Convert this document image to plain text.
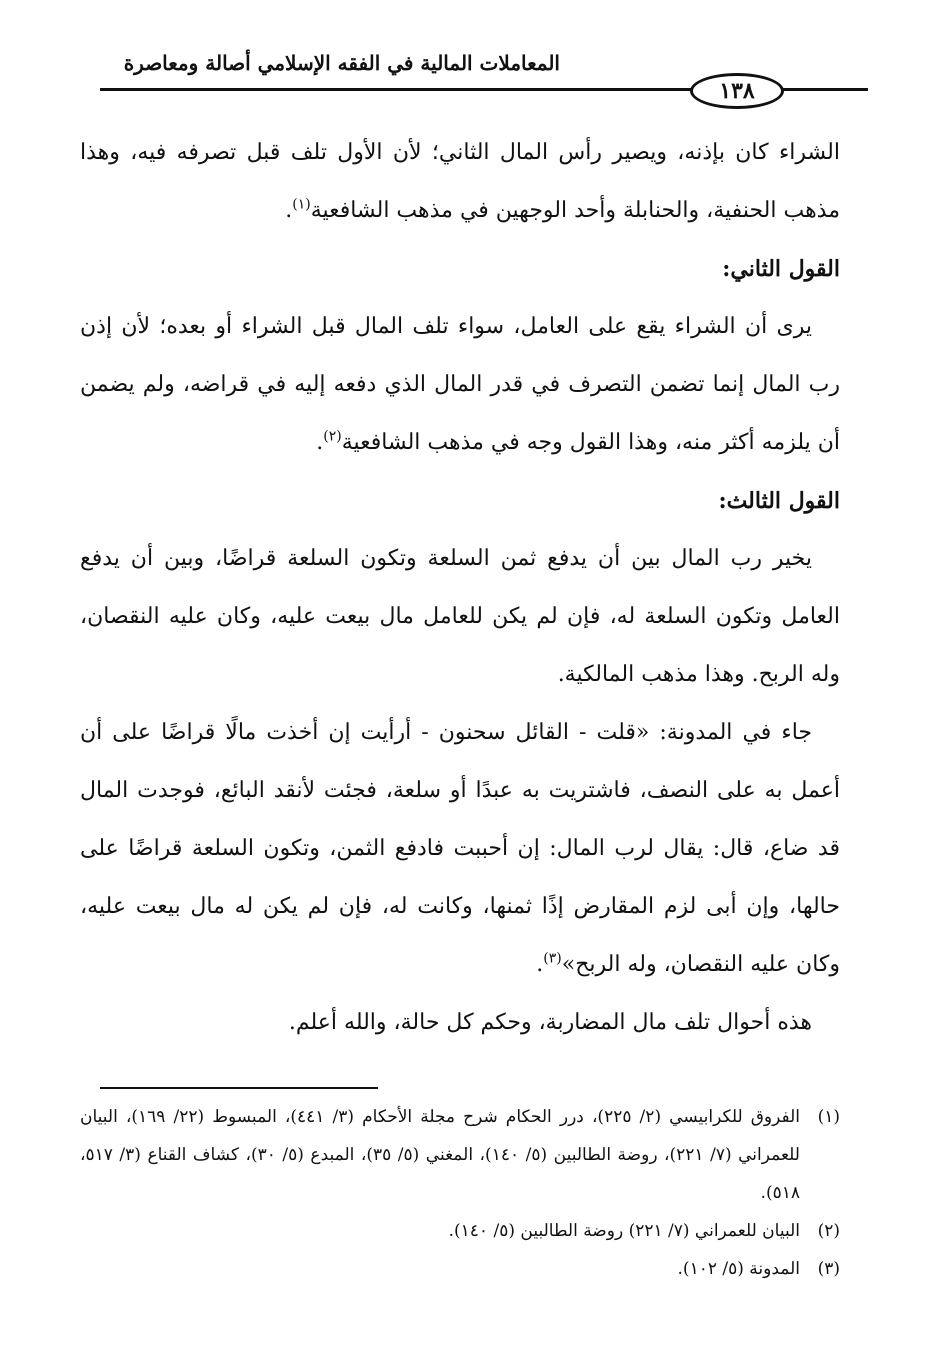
المعاملات المالية في الفقه الإسلامي أصالة ومعاصرة
١٣٨

الشراء كان بإذنه، ويصير رأس المال الثاني؛ لأن الأول تلف قبل تصرفه فيه، وهذا مذهب الحنفية، والحنابلة وأحد الوجهين في مذهب الشافعية$^{(١)}$.

القول الثاني:

يرى أن الشراء يقع على العامل، سواء تلف المال قبل الشراء أو بعده؛ لأن إذن رب المال إنما تضمن التصرف في قدر المال الذي دفعه إليه في قراضه، ولم يضمن أن يلزمه أكثر منه، وهذا القول وجه في مذهب الشافعية$^{(٢)}$.

القول الثالث:

يخير رب المال بين أن يدفع ثمن السلعة وتكون السلعة قراضًا، وبين أن يدفع العامل وتكون السلعة له، فإن لم يكن للعامل مال بيعت عليه، وكان عليه النقصان، وله الربح. وهذا مذهب المالكية.

جاء في المدونة: «قلت - القائل سحنون - أرأيت إن أخذت مالًا قراضًا على أن أعمل به على النصف، فاشتريت به عبدًا أو سلعة، فجئت لأنقد البائع، فوجدت المال قد ضاع، قال: يقال لرب المال: إن أحببت فادفع الثمن، وتكون السلعة قراضًا على حالها، وإن أبى لزم المقارض إذًا ثمنها، وكانت له، فإن لم يكن له مال بيعت عليه، وكان عليه النقصان، وله الربح»$^{(٣)}$.

هذه أحوال تلف مال المضاربة، وحكم كل حالة، والله أعلم.

(١)
الفروق للكرابيسي (٢/ ٢٢٥)، درر الحكام شرح مجلة الأحكام (٣/ ٤٤١)، المبسوط (٢٢/ ١٦٩)، البيان للعمراني (٧/ ٢٢١)، روضة الطالبين (٥/ ١٤٠)، المغني (٥/ ٣٥)، المبدع (٥/ ٣٠)، كشاف القناع (٣/ ٥١٧، ٥١٨).
(٢)
البيان للعمراني (٧/ ٢٢١) روضة الطالبين (٥/ ١٤٠).
(٣)
المدونة (٥/ ١٠٢).
